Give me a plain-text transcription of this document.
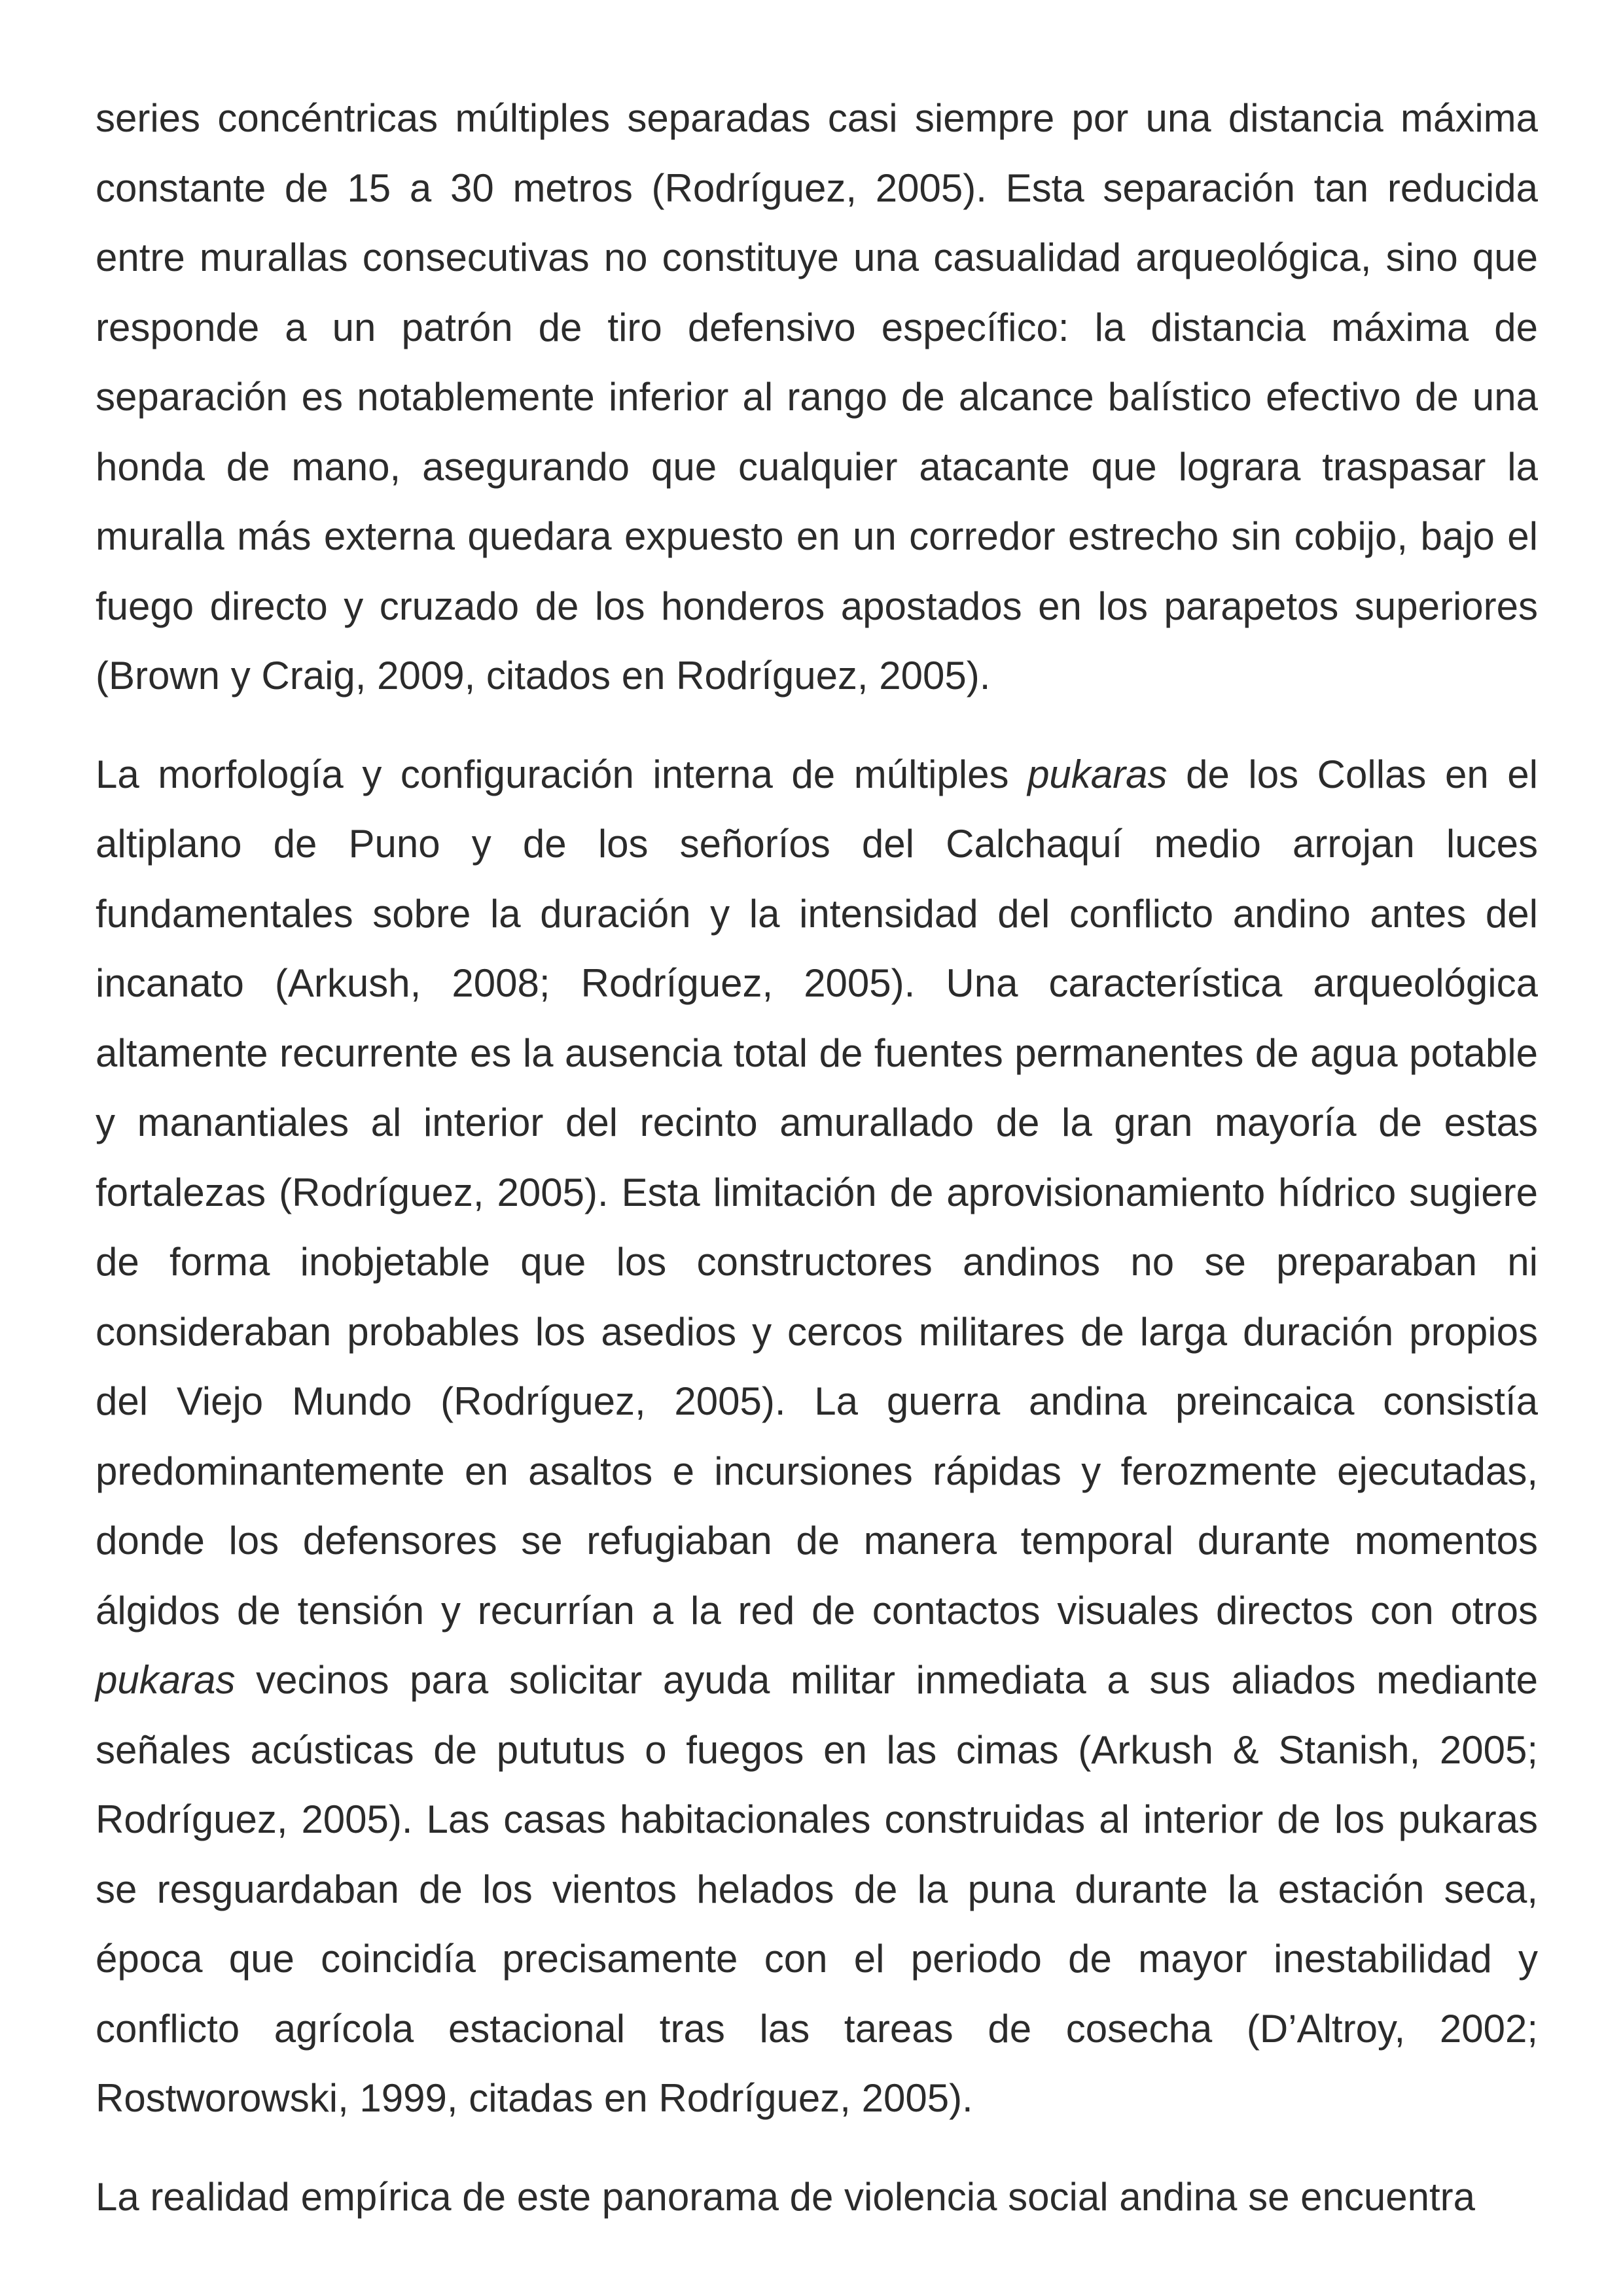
series concéntricas múltiples separadas casi siempre por una distancia máxima constante de 15 a 30 metros (Rodríguez, 2005). Esta separación tan reducida entre murallas consecutivas no constituye una casualidad arqueológica, sino que responde a un patrón de tiro defensivo específico: la distancia máxima de separación es notablemente inferior al rango de alcance balístico efectivo de una honda de mano, asegurando que cualquier atacante que lograra traspasar la muralla más externa quedara expuesto en un corredor estrecho sin cobijo, bajo el fuego directo y cruzado de los honderos apostados en los parapetos superiores (Brown y Craig, 2009, citados en Rodríguez, 2005).

La morfología y configuración interna de múltiples pukaras de los Collas en el altiplano de Puno y de los señoríos del Calchaquí medio arrojan luces fundamentales sobre la duración y la intensidad del conflicto andino antes del incanato (Arkush, 2008; Rodríguez, 2005). Una característica arqueológica altamente recurrente es la ausencia total de fuentes permanentes de agua potable y manantiales al interior del recinto amurallado de la gran mayoría de estas fortalezas (Rodríguez, 2005). Esta limitación de aprovisionamiento hídrico sugiere de forma inobjetable que los constructores andinos no se preparaban ni consideraban probables los asedios y cercos militares de larga duración propios del Viejo Mundo (Rodríguez, 2005). La guerra andina preincaica consistía predominantemente en asaltos e incursiones rápidas y ferozmente ejecutadas, donde los defensores se refugiaban de manera temporal durante momentos álgidos de tensión y recurrían a la red de contactos visuales directos con otros pukaras vecinos para solicitar ayuda militar inmediata a sus aliados mediante señales acústicas de pututus o fuegos en las cimas (Arkush & Stanish, 2005; Rodríguez, 2005). Las casas habitacionales construidas al interior de los pukaras se resguardaban de los vientos helados de la puna durante la estación seca, época que coincidía precisamente con el periodo de mayor inestabilidad y conflicto agrícola estacional tras las tareas de cosecha (D’Altroy, 2002; Rostworowski, 1999, citadas en Rodríguez, 2005).

La realidad empírica de este panorama de violencia social andina se encuentra
